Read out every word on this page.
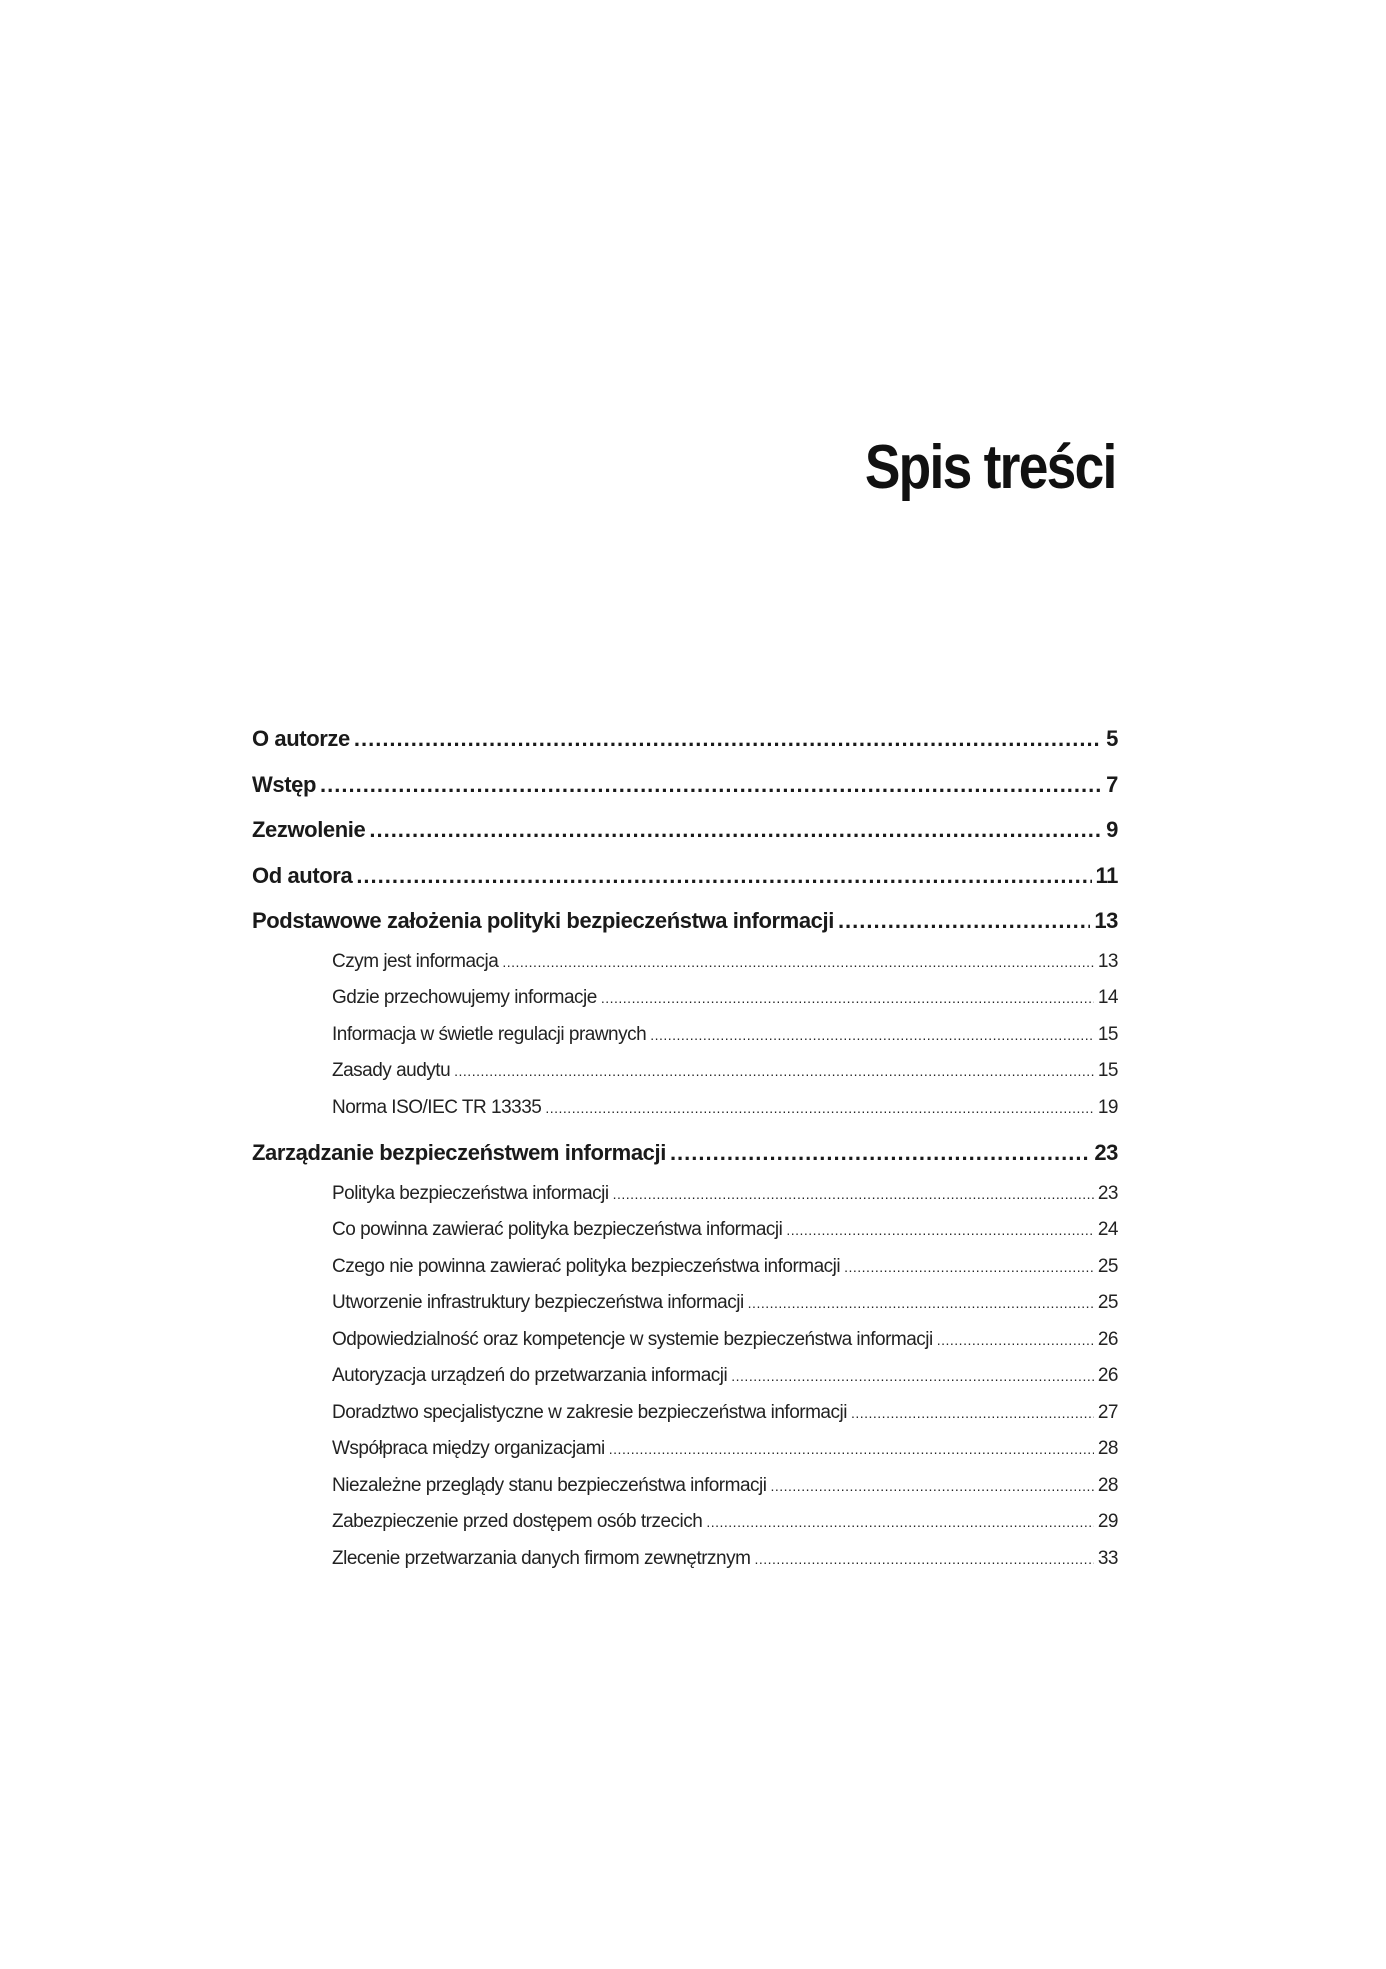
Spis treści
O autorze .....	5
Wstęp .....	7
Zezwolenie .....	9
Od autora .....	11
Podstawowe założenia polityki bezpieczeństwa informacji .....	13
Czym jest informacja .....	13
Gdzie przechowujemy informacje .....	14
Informacja w świetle regulacji prawnych .....	15
Zasady audytu .....	15
Norma ISO/IEC TR 13335 .....	19
Zarządzanie bezpieczeństwem informacji .....	23
Polityka bezpieczeństwa informacji .....	23
Co powinna zawierać polityka bezpieczeństwa informacji .....	24
Czego nie powinna zawierać polityka bezpieczeństwa informacji .....	25
Utworzenie infrastruktury bezpieczeństwa informacji .....	25
Odpowiedzialność oraz kompetencje w systemie bezpieczeństwa informacji .....	26
Autoryzacja urządzeń do przetwarzania informacji .....	26
Doradztwo specjalistyczne w zakresie bezpieczeństwa informacji .....	27
Współpraca między organizacjami .....	28
Niezależne przeglądy stanu bezpieczeństwa informacji .....	28
Zabezpieczenie przed dostępem osób trzecich .....	29
Zlecenie przetwarzania danych firmom zewnętrznym .....	33
